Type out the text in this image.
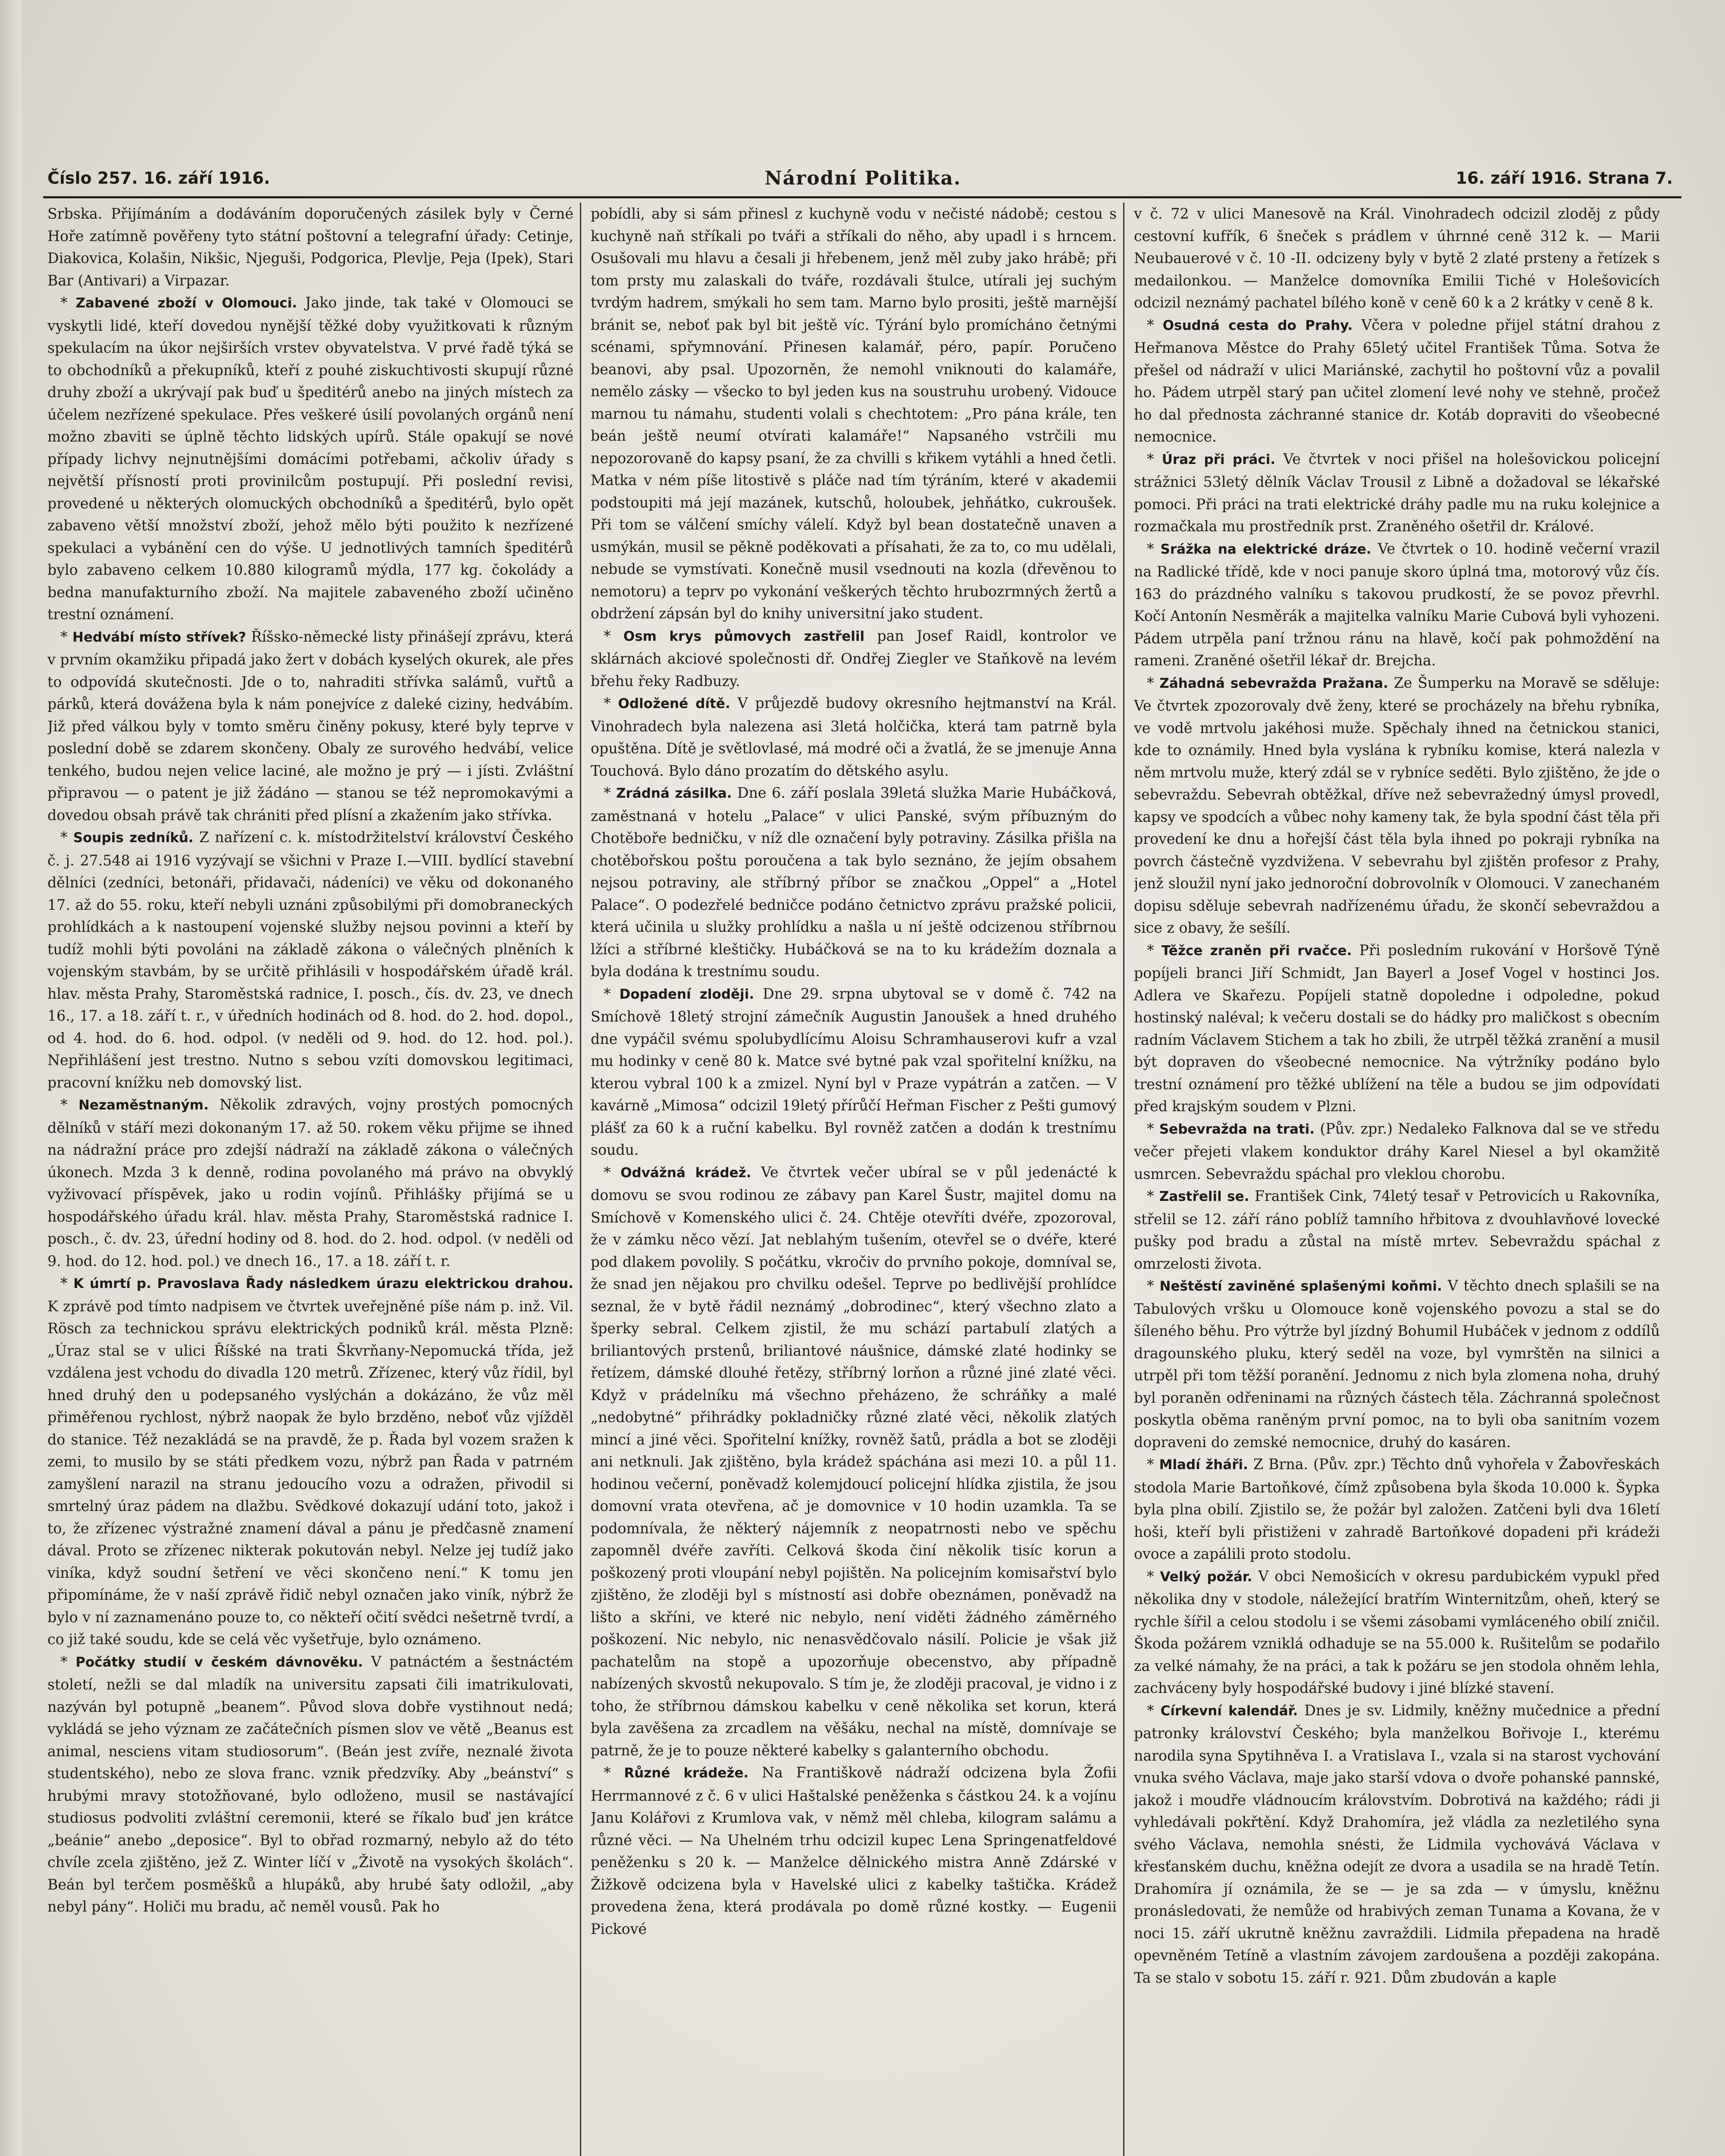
Číslo 257. 16. září 1916.	Národní Politika.	16. září 1916. Strana 7.

Srbska. Přijímáním a dodáváním doporučených zásilek byly v Černé Hoře zatímně pověřeny tyto státní poštovní a telegrafní úřady: Cetinje, Diakovica, Kolašin, Nikšic, Njeguši, Podgorica, Plevlje, Peja (Ipek), Stari Bar (Antivari) a Virpazar.

* Zabavené zboží v Olomouci. Jako jinde, tak také v Olomouci se vyskytli lidé, kteří dovedou nynější těžké doby využitkovati k různým spekulacím na úkor nejširších vrstev obyvatelstva. V prvé řadě týká se to obchodníků a překupníků, kteří z pouhé ziskuchtivosti skupují různé druhy zboží a ukrývají pak buď u špeditérů anebo na jiných místech za účelem nezřízené spekulace. Přes veškeré úsilí povolaných orgánů není možno zbaviti se úplně těchto lidských upírů. Stále opakují se nové případy lichvy nejnutnějšími domácími potřebami, ačkoliv úřady s největší přísností proti provinilcům postupují. Při poslední revisi, provedené u některých olomuckých obchodníků a špeditérů, bylo opět zabaveno větší množství zboží, jehož mělo býti použito k nezřízené spekulaci a vybánění cen do výše. U jednotlivých tamních špeditérů bylo zabaveno celkem 10.880 kilogramů mýdla, 177 kg. čokolády a bedna manufakturního zboží. Na majitele zabaveného zboží učiněno trestní oznámení.

* Hedvábí místo střívek? Říšsko-německé listy přinášejí zprávu, která v prvním okamžiku připadá jako žert v dobách kyselých okurek, ale přes to odpovídá skutečnosti. Jde o to, nahraditi střívka salámů, vuřtů a párků, která dovážena byla k nám ponejvíce z daleké ciziny, hedvábím. Již před válkou byly v tomto směru činěny pokusy, které byly teprve v poslední době se zdarem skončeny. Obaly ze surového hedvábí, velice tenkého, budou nejen velice laciné, ale možno je prý — i jísti. Zvláštní připravou — o patent je již žádáno — stanou se též nepromokavými a dovedou obsah právě tak chrániti před plísní a zkažením jako střívka.

* Soupis zedníků. Z nařízení c. k. místodržitelství království Českého č. j. 27.548 ai 1916 vyzývají se všichni v Praze I.—VIII. bydlící stavební dělníci (zedníci, betonáři, přidavači, nádeníci) ve věku od dokonaného 17. až do 55. roku, kteří nebyli uznáni způsobilými při domobraneckých prohlídkách a k nastoupení vojenské služby nejsou povinni a kteří by tudíž mohli býti povoláni na základě zákona o válečných plněních k vojenským stavbám, by se určitě přihlásili v hospodářském úřadě král. hlav. města Prahy, Staroměstská radnice, I. posch., čís. dv. 23, ve dnech 16., 17. a 18. září t. r., v úředních hodinách od 8. hod. do 2. hod. dopol., od 4. hod. do 6. hod. odpol. (v neděli od 9. hod. do 12. hod. pol.). Nepřihlášení jest trestno. Nutno s sebou vzíti domovskou legitimaci, pracovní knížku neb domovský list.

* Nezaměstnaným. Několik zdravých, vojny prostých pomocných dělníků v stáří mezi dokonaným 17. až 50. rokem věku přijme se ihned na nádražní práce pro zdejší nádraží na základě zákona o válečných úkonech. Mzda 3 k denně, rodina povolaného má právo na obvyklý vyživovací příspěvek, jako u rodin vojínů. Přihlášky přijímá se u hospodářského úřadu král. hlav. města Prahy, Staroměstská radnice I. posch., č. dv. 23, úřední hodiny od 8. hod. do 2. hod. odpol. (v neděli od 9. hod. do 12. hod. pol.) ve dnech 16., 17. a 18. září t. r.

* K úmrtí p. Pravoslava Řady následkem úrazu elektrickou drahou. K zprávě pod tímto nadpisem ve čtvrtek uveřejněné píše nám p. inž. Vil. Rösch za technickou správu elektrických podniků král. města Plzně: „Úraz stal se v ulici Říšské na trati Škvrňany-Nepomucká třída, jež vzdálena jest vchodu do divadla 120 metrů. Zřízenec, který vůz řídil, byl hned druhý den u podepsaného vyslýchán a dokázáno, že vůz měl přiměřenou rychlost, nýbrž naopak že bylo brzděno, neboť vůz vjížděl do stanice. Též nezakládá se na pravdě, že p. Řada byl vozem sražen k zemi, to musilo by se státi předkem vozu, nýbrž pan Řada v patrném zamyšlení narazil na stranu jedoucího vozu a odražen, přivodil si smrtelný úraz pádem na dlažbu. Svědkové dokazují udání toto, jakož i to, že zřízenec výstražné znamení dával a pánu je předčasně znamení dával. Proto se zřízenec nikterak pokutován nebyl. Nelze jej tudíž jako viníka, když soudní šetření ve věci skončeno není.“ K tomu jen připomínáme, že v naší zprávě řidič nebyl označen jako viník, nýbrž že bylo v ní zaznamenáno pouze to, co někteří očití svědci nešetrně tvrdí, a co již také soudu, kde se celá věc vyšetřuje, bylo oznámeno.

* Počátky studií v českém dávnověku. V patnáctém a šestnáctém století, nežli se dal mladík na universitu zapsati čili imatrikulovati, nazýván byl potupně „beanem“. Původ slova dobře vystihnout nedá; vykládá se jeho význam ze začátečních písmen slov ve větě „Beanus est animal, nesciens vitam studiosorum“. (Beán jest zvíře, neznalé života studentského), nebo ze slova franc. vznik předzvíky. Aby „beánství“ s hrubými mravy stotožňované, bylo odloženo, musil se nastávající studiosus podvoliti zvláštní ceremonii, které se říkalo buď jen krátce „beánie“ anebo „deposice“. Byl to obřad rozmarný, nebylo až do této chvíle zcela zjištěno, jež Z. Winter líčí v „Životě na vysokých školách“. Beán byl terčem posměšků a hlupáků, aby hrubé šaty odložil, „aby nebyl pány“. Holiči mu bradu, ač neměl vousů. Pak ho

pobídli, aby si sám přinesl z kuchyně vodu v nečisté nádobě; cestou s kuchyně naň stříkali po tváři a stříkali do něho, aby upadl i s hrncem. Osušovali mu hlavu a česali ji hřebenem, jenž měl zuby jako hrábě; při tom prsty mu zalaskali do tváře, rozdávali štulce, utírali jej suchým tvrdým hadrem, smýkali ho sem tam. Marno bylo prositi, ještě marnější bránit se, neboť pak byl bit ještě víc. Týrání bylo promícháno četnými scénami, spřymnování. Přinesen kalamář, péro, papír. Poručeno beanovi, aby psal. Upozorněn, že nemohl vniknouti do kalamáře, nemělo zásky — všecko to byl jeden kus na soustruhu urobený. Vidouce marnou tu námahu, studenti volali s chechtotem: „Pro pána krále, ten beán ještě neumí otvírati kalamáře!“ Napsaného vstrčili mu nepozorovaně do kapsy psaní, že za chvilli s křikem vytáhli a hned četli. Matka v ném píše litostivě s pláče nad tím týráním, které v akademii podstoupiti má její mazánek, kutschů, holoubek, jehňátko, cukroušek. Při tom se válčení smíchy válelí. Když byl bean dostatečně unaven a usmýkán, musil se pěkně poděkovati a přísahati, že za to, co mu udělali, nebude se vymstívati. Konečně musil vsednouti na kozla (dřevěnou to nemotoru) a teprv po vykonání veškerých těchto hrubozrmných žertů a obdržení zápsán byl do knihy universitní jako student.

* Osm krys půmovych zastřelil pan Josef Raidl, kontrolor ve sklárnách akciové společnosti dř. Ondřej Ziegler ve Staňkově na levém břehu řeky Radbuzy.

* Odložené dítě. V průjezdě budovy okresního hejtmanství na Král. Vinohradech byla nalezena asi 3letá holčička, která tam patrně byla opuštěna. Dítě je světlovlasé, má modré oči a žvatlá, že se jmenuje Anna Touchová. Bylo dáno prozatím do dětského asylu.

* Zrádná zásilka. Dne 6. září poslala 39letá služka Marie Hubáčková, zaměstnaná v hotelu „Palace“ v ulici Panské, svým příbuzným do Chotěboře bedničku, v níž dle označení byly potraviny. Zásilka přišla na chotěbořskou poštu poroučena a tak bylo seznáno, že jejím obsahem nejsou potraviny, ale stříbrný příbor se značkou „Oppel“ a „Hotel Palace“. O podezřelé bedničce podáno četnictvo zprávu pražské policii, která učinila u služky prohlídku a našla u ní ještě odcizenou stříbrnou lžíci a stříbrné kleštičky. Hubáčková se na to ku krádežím doznala a byla dodána k trestnímu soudu.

* Dopadení zloději. Dne 29. srpna ubytoval se v domě č. 742 na Smíchově 18letý strojní zámečník Augustin Janoušek a hned druhého dne vypáčil svému spolubydlícímu Aloisu Schramhauserovi kufr a vzal mu hodinky v ceně 80 k. Matce své bytné pak vzal spořitelní knížku, na kterou vybral 100 k a zmizel. Nyní byl v Praze vypátrán a zatčen. — V kavárně „Mimosa“ odcizil 19letý přírůčí Heřman Fischer z Pešti gumový plášť za 60 k a ruční kabelku. Byl rovněž zatčen a dodán k trestnímu soudu.

* Odvážná krádež. Ve čtvrtek večer ubíral se v půl jedenácté k domovu se svou rodinou ze zábavy pan Karel Šustr, majitel domu na Smíchově v Komenského ulici č. 24. Chtěje otevříti dvéře, zpozoroval, že v zámku něco vězí. Jat neblahým tušením, otevřel se o dvéře, které pod dlakem povolily. S počátku, vkročiv do prvního pokoje, domníval se, že snad jen nějakou pro chvilku odešel. Teprve po bedlivější prohlídce seznal, že v bytě řádil neznámý „dobrodinec“, který všechno zlato a šperky sebral. Celkem zjistil, že mu schází partabulí zlatých a briliantových prstenů, briliantové náušnice, dámské zlaté hodinky se řetízem, dámské dlouhé řetězy, stříbrný lorňon a různé jiné zlaté věci. Když v prádelníku má všechno přeházeno, že schráňky a malé „nedobytné“ přihrádky pokladničky různé zlaté věci, několik zlatých mincí a jiné věci. Spořitelní knížky, rovněž šatů, prádla a bot se zloději ani netknuli. Jak zjištěno, byla krádež spáchána asi mezi 10. a půl 11. hodinou večerní, poněvadž kolemjdoucí policejní hlídka zjistila, že jsou domovní vrata otevřena, ač je domovnice v 10 hodin uzamkla. Ta se podomnívala, že některý nájemník z neopatrnosti nebo ve spěchu zapomněl dvéře zavříti. Celková škoda činí několik tisíc korun a poškozený proti vloupání nebyl pojištěn. Na policejním komisařství bylo zjištěno, že zloději byl s místností asi dobře obeznámen, poněvadž na lišto a skříni, ve které nic nebylo, není viděti žádného záměrného poškození. Nic nebylo, nic nenasvědčovalo násilí. Policie je však již pachatelům na stopě a upozorňuje obecenstvo, aby případně nabízených skvostů nekupovalo. S tím je, že zloději pracoval, je vidno i z toho, že stříbrnou dámskou kabelku v ceně několika set korun, která byla zavěšena za zrcadlem na věšáku, nechal na místě, domnívaje se patrně, že je to pouze některé kabelky s galanterního obchodu.

* Různé krádeže. Na Františkově nádraží odcizena byla Žofii Herrmannové z č. 6 v ulici Haštalské peněženka s částkou 24. k a vojínu Janu Kolářovi z Krumlova vak, v němž měl chleba, kilogram salámu a různé věci. — Na Uhelném trhu odcizil kupec Lena Springenatfeldové peněženku s 20 k. — Manželce dělnického mistra Anně Zdárské v Žižkově odcizena byla v Havelské ulici z kabelky taštička. Krádež provedena žena, která prodávala po domě různé kostky. — Eugenii Pickové

v č. 72 v ulici Manesově na Král. Vinohradech odcizil zloděj z půdy cestovní kufřík, 6 šneček s prádlem v úhrnné ceně 312 k. — Marii Neubauerové v č. 10 -II. odcizeny byly v bytě 2 zlaté prsteny a řetízek s medailonkou. — Manželce domovníka Emilii Tiché v Holešovicích odcizil neznámý pachatel bílého koně v ceně 60 k a 2 krátky v ceně 8 k.

* Osudná cesta do Prahy. Včera v poledne přijel státní drahou z Heřmanova Městce do Prahy 65letý učitel František Tůma. Sotva že přešel od nádraží v ulici Mariánské, zachytil ho poštovní vůz a povalil ho. Pádem utrpěl starý pan učitel zlomení levé nohy ve stehně, pročež ho dal přednosta záchranné stanice dr. Kotáb dopraviti do všeobecné nemocnice.

* Úraz při práci. Ve čtvrtek v noci přišel na holešovickou policejní strážnici 53letý dělník Václav Trousil z Libně a dožadoval se lékařské pomoci. Při práci na trati elektrické dráhy padle mu na ruku kolejnice a rozmačkala mu prostředník prst. Zraněného ošetřil dr. Králové.

* Srážka na elektrické dráze. Ve čtvrtek o 10. hodině večerní vrazil na Radlické třídě, kde v noci panuje skoro úplná tma, motorový vůz čís. 163 do prázdného valníku s takovou prudkostí, že se povoz převrhl. Kočí Antonín Nesměrák a majitelka valníku Marie Cubová byli vyhozeni. Pádem utrpěla paní tržnou ránu na hlavě, kočí pak pohmoždění na rameni. Zraněné ošetřil lékař dr. Brejcha.

* Záhadná sebevražda Pražana. Ze Šumperku na Moravě se sděluje: Ve čtvrtek zpozorovaly dvě ženy, které se procházely na břehu rybníka, ve vodě mrtvolu jakéhosi muže. Spěchaly ihned na četnickou stanici, kde to oznámily. Hned byla vyslána k rybníku komise, která nalezla v něm mrtvolu muže, který zdál se v rybníce seděti. Bylo zjištěno, že jde o sebevraždu. Sebevrah obtěžkal, dříve než sebevražedný úmysl provedl, kapsy ve spodcích a vůbec nohy kameny tak, že byla spodní část těla při provedení ke dnu a hořejší část těla byla ihned po pokraji rybníka na povrch částečně vyzdvižena. V sebevrahu byl zjištěn profesor z Prahy, jenž sloužil nyní jako jednoroční dobrovolník v Olomouci. V zanechaném dopisu sděluje sebevrah nadřízenému úřadu, že skončí sebevraždou a sice z obavy, že sešílí.

* Těžce zraněn při rvačce. Při posledním rukování v Horšově Týně popíjeli branci Jiří Schmidt, Jan Bayerl a Josef Vogel v hostinci Jos. Adlera ve Skařezu. Popíjeli statně dopoledne i odpoledne, pokud hostinský naléval; k večeru dostali se do hádky pro maličkost s obecním radním Václavem Stichem a tak ho zbili, že utrpěl těžká zranění a musil být dopraven do všeobecné nemocnice. Na výtržníky podáno bylo trestní oznámení pro těžké ublížení na těle a budou se jim odpovídati před krajským soudem v Plzni.

* Sebevražda na trati. (Pův. zpr.) Nedaleko Falknova dal se ve středu večer přejeti vlakem konduktor dráhy Karel Niesel a byl okamžitě usmrcen. Sebevraždu spáchal pro vleklou chorobu.

* Zastřelil se. František Cink, 74letý tesař v Petrovicích u Rakovníka, střelil se 12. září ráno poblíž tamního hřbitova z dvouhlavňové lovecké pušky pod bradu a zůstal na místě mrtev. Sebevraždu spáchal z omrzelosti života.

* Neštěstí zaviněné splašenými koňmi. V těchto dnech splašili se na Tabulových vršku u Olomouce koně vojenského povozu a stal se do šíleného běhu. Pro výtrže byl jízdný Bohumil Hubáček v jednom z oddílů dragounského pluku, který seděl na voze, byl vymrštěn na silnici a utrpěl při tom těžší poranění. Jednomu z nich byla zlomena noha, druhý byl poraněn odřeninami na různých částech těla. Záchranná společnost poskytla oběma raněným první pomoc, na to byli oba sanitním vozem dopraveni do zemské nemocnice, druhý do kasáren.

* Mladí žháři. Z Brna. (Pův. zpr.) Těchto dnů vyhořela v Žabovřeskách stodola Marie Bartoňkové, čímž způsobena byla škoda 10.000 k. Šypka byla plna obilí. Zjistilo se, že požár byl založen. Zatčeni byli dva 16letí hoši, kteří byli přistiženi v zahradě Bartoňkové dopadeni při krádeži ovoce a zapálili proto stodolu.

* Velký požár. V obci Nemošicích v okresu pardubickém vypukl před několika dny v stodole, náležející bratřím Winternitzům, oheň, který se rychle šířil a celou stodolu i se všemi zásobami vymláceného obilí zničil. Škoda požárem vzniklá odhaduje se na 55.000 k. Rušitelům se podařilo za velké námahy, že na práci, a tak k požáru se jen stodola ohněm lehla, zachváceny byly hospodářské budovy i jiné blízké stavení.

* Církevní kalendář. Dnes je sv. Lidmily, kněžny mučednice a přední patronky království Českého; byla manželkou Bořivoje I., kterému narodila syna Spytihněva I. a Vratislava I., vzala si na starost vychování vnuka svého Václava, maje jako starší vdova o dvoře pohanské pannské, jakož i moudře vládnoucím královstvím. Dobrotivá na každého; rádi ji vyhledávali pokřtění. Když Drahomíra, jež vládla za nezletilého syna svého Václava, nemohla snésti, že Lidmila vychovává Václava v křesťanském duchu, kněžna odejít ze dvora a usadila se na hradě Tetín. Drahomíra jí oznámila, že se — je sa zda — v úmyslu, kněžnu pronásledovati, že nemůže od hrabivých zeman Tunama a Kovana, že v noci 15. září ukrutně kněžnu zavraždili. Lidmila přepadena na hradě opevněném Tetíně a vlastním závojem zardoušena a později zakopána. Ta se stalo v sobotu 15. září r. 921. Dům zbudován a kaple
